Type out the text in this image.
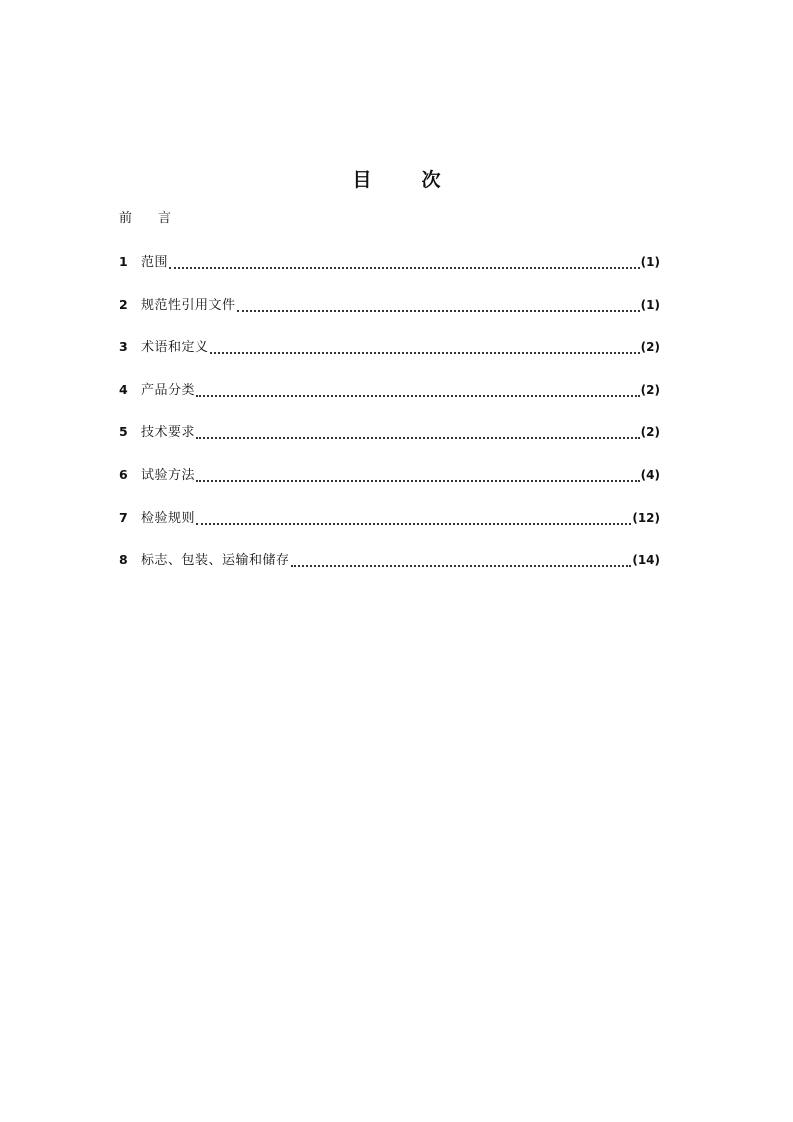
目	次
前 言
1	范围	(1)
2	规范性引用文件	(1)
3	术语和定义	(2)
4	产品分类	(2)
5	技术要求	(2)
6	试验方法	(4)
7	检验规则	(12)
8	标志、包装、运输和储存	(14)
